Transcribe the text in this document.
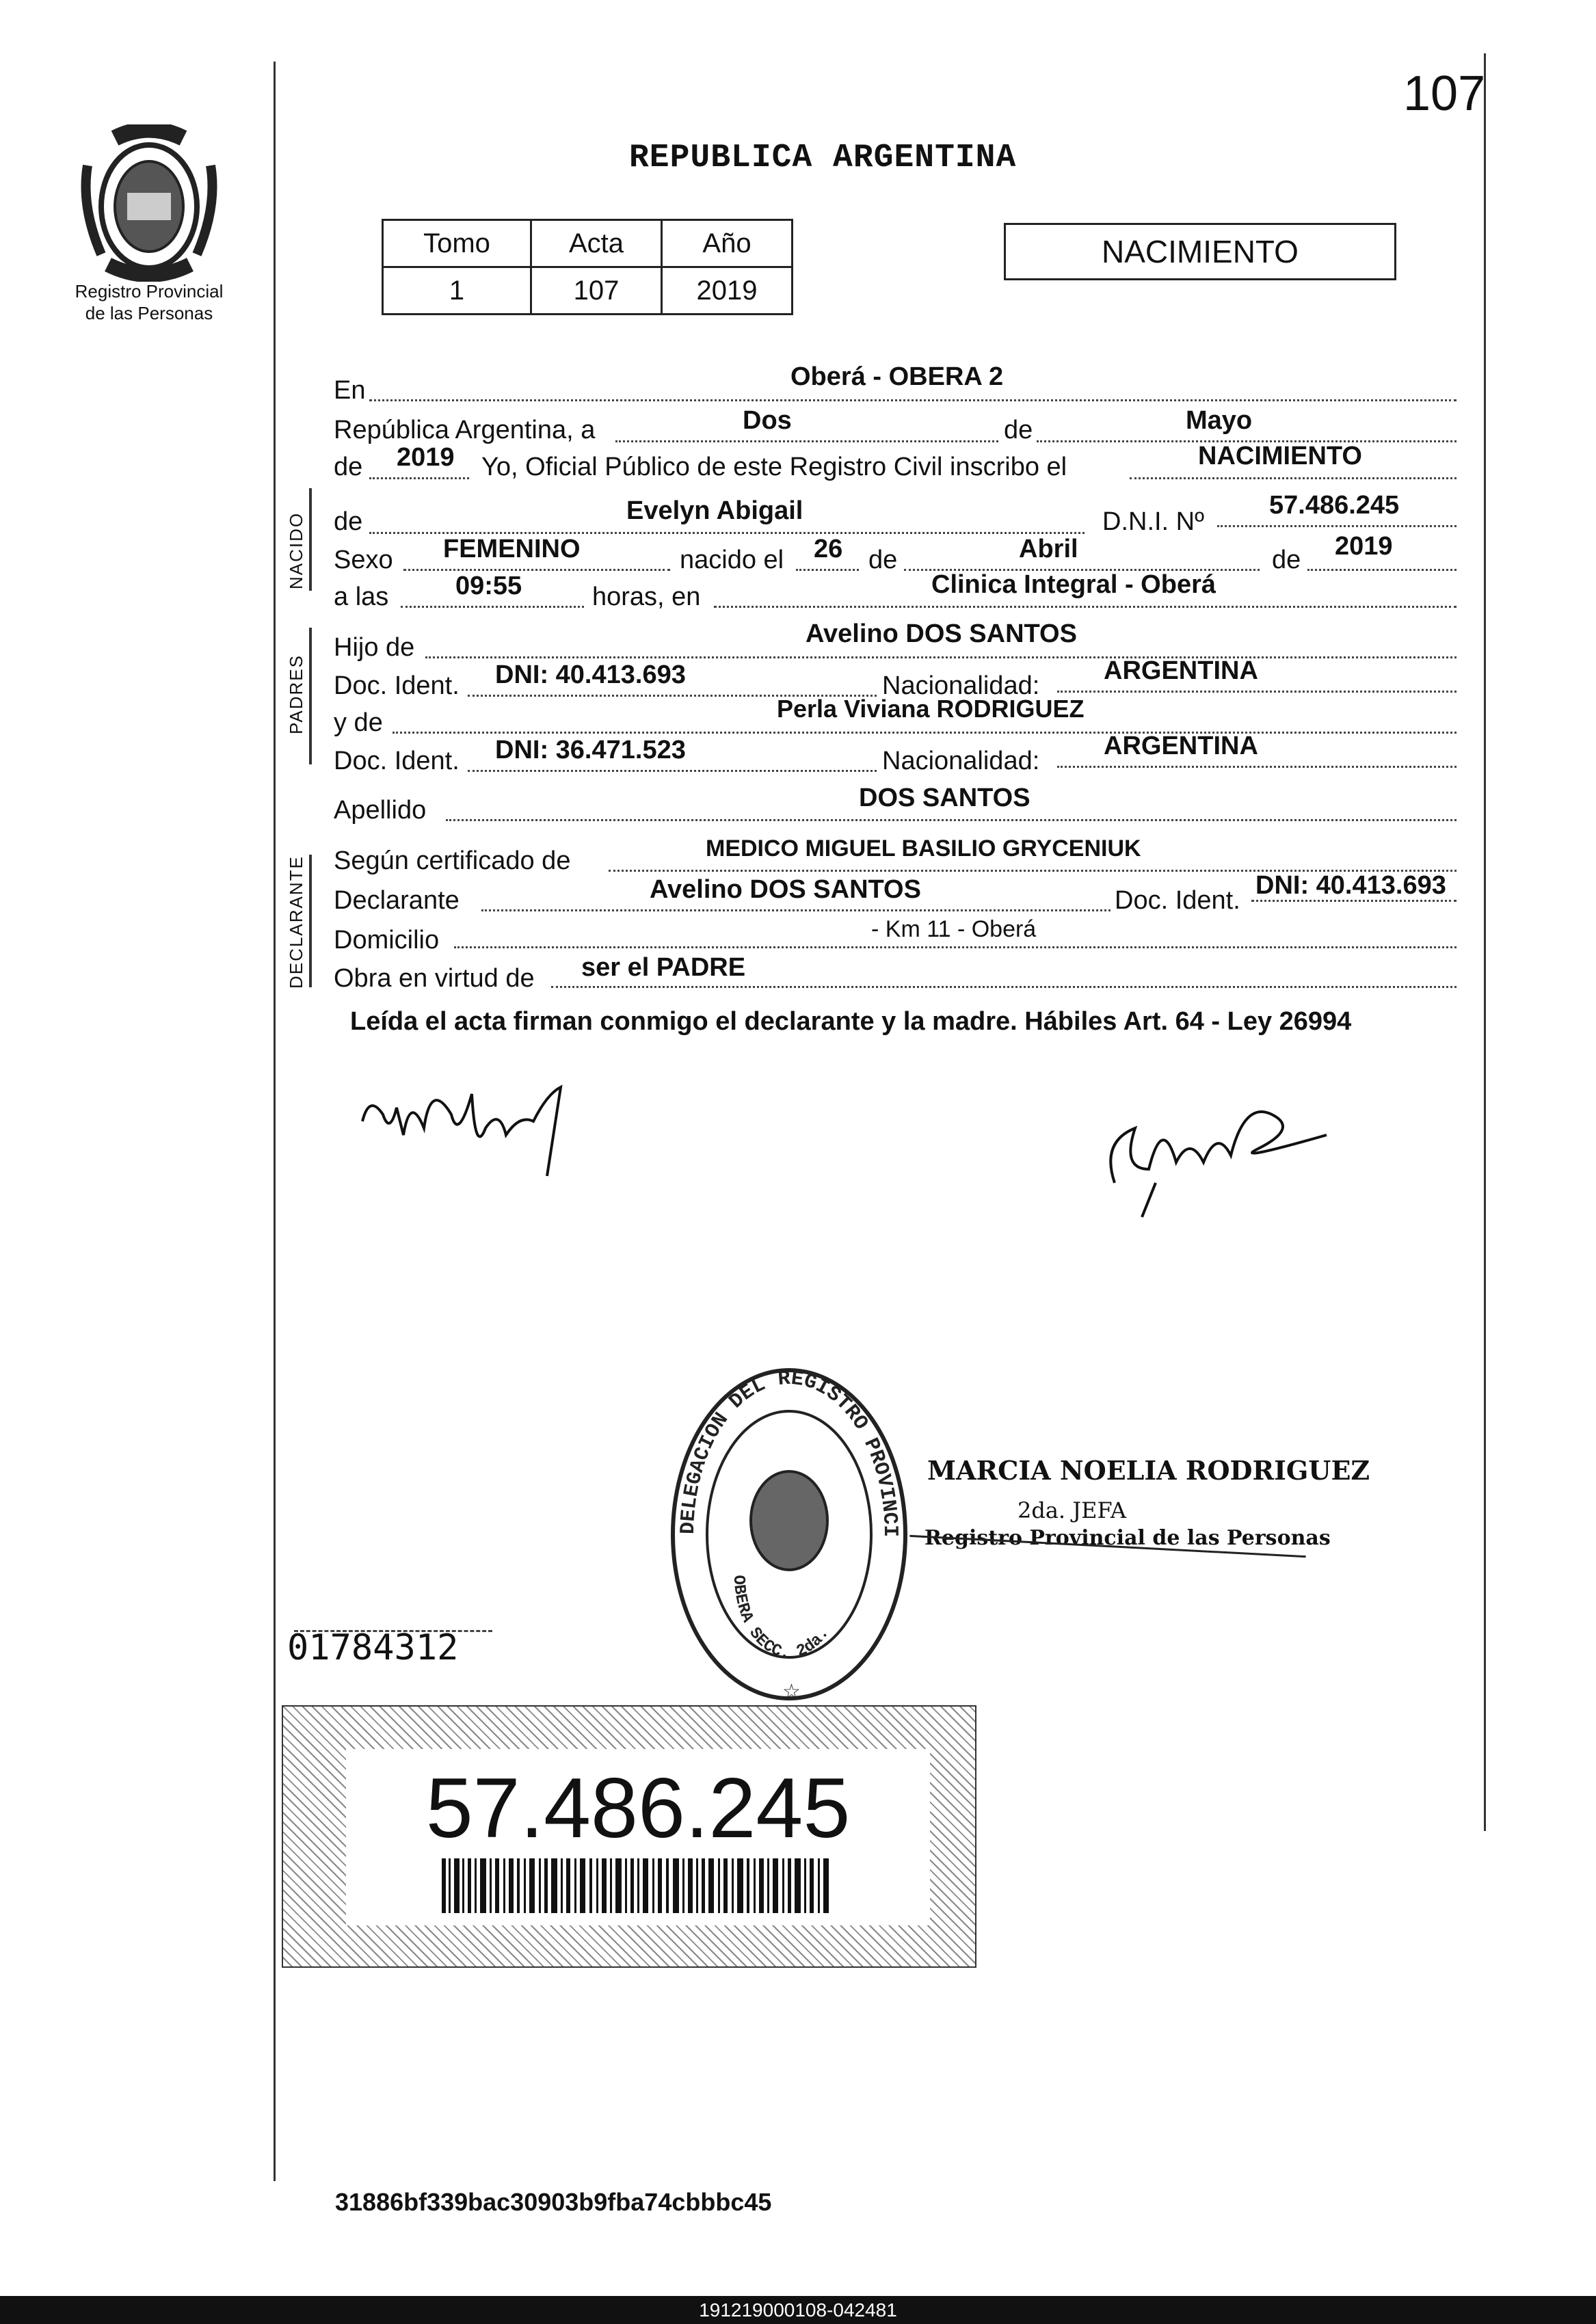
Registro Provincial
de las Personas
107
REPUBLICA ARGENTINA
Tomo	Acta	Año
1	107	2019
NACIMIENTO
En	Oberá - OBERA 2
República Argentina, a	Dos	de	Mayo
de 2019 Yo, Oficial Público de este Registro Civil inscribo el	NACIMIENTO
NACIDO de	Evelyn Abigail	D.N.I. Nº
57.486.245
Sexo FEMENINO	nacido el 26 de	Abril	de 2019
a las	09:55	horas, en	Clinica Integral - Oberá
PADRES
Hijo de	Avelino DOS SANTOS
Doc. Ident. DNI: 40.413.693	Nacionalidad:
ARGENTINA
y de	Perla Viviana RODRIGUEZ
Doc. Ident. DNI: 36.471.523	Nacionalidad:
ARGENTINA
Apellido	DOS SANTOS
DECLARANTE Según certificado de	MEDICO MIGUEL BASILIO GRYCENIUK
Declarante	Avelino DOS SANTOS	Doc. Ident.
DNI: 40.413.693
Domicilio	- Km 11 - Oberá
Obra en virtud de ser el PADRE
Leída el acta firman conmigo el declarante y la madre. Hábiles Art. 64 - Ley 26994
DELEGACION DEL REGISTRO PROVINCI
OBERA SECC. 2da.
☆
MARCIA NOELIA RODRIGUEZ
2da. JEFA
Registro Provincial de las Personas
01784312
57.486.245
31886bf339bac30903b9fba74cbbbc45
191219000108-042481
